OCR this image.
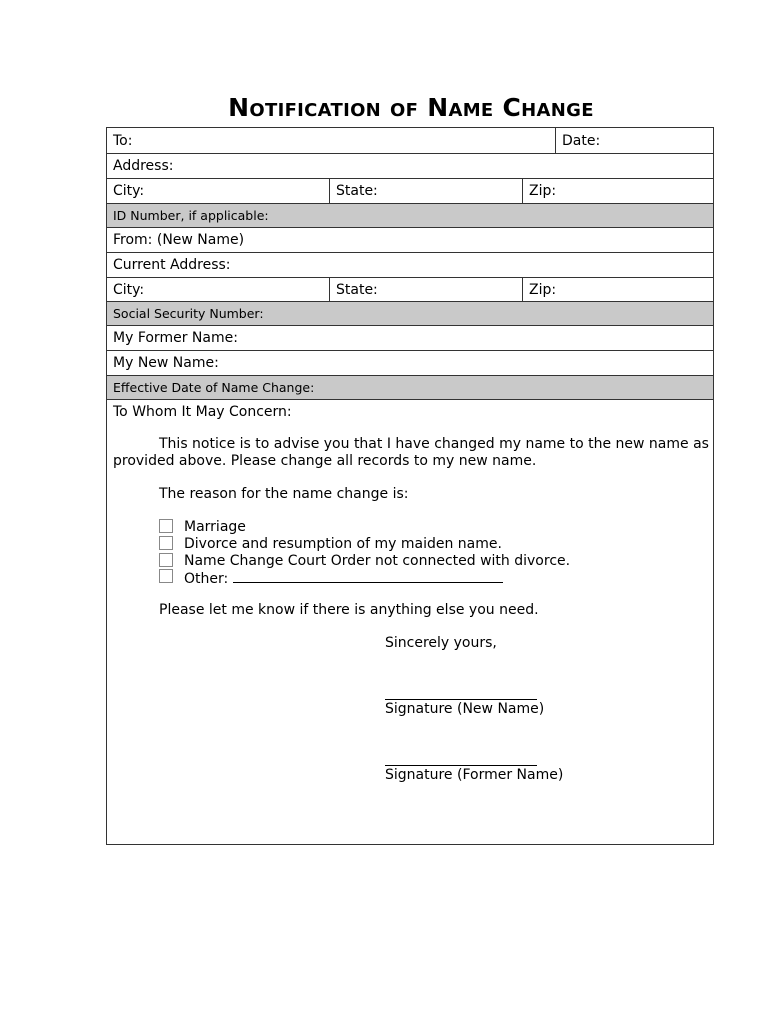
Notification of Name Change
To:	Date:
Address:
City:	State:	Zip:
ID Number, if applicable:
From: (New Name)
Current Address:
City:	State:	Zip:
Social Security Number:
My Former Name:
My New Name:
Effective Date of Name Change:
To Whom It May Concern:
This notice is to advise you that I have changed my name to the new name as provided above. Please change all records to my new name.
The reason for the name change is:
Marriage
Divorce and resumption of my maiden name.
Name Change Court Order not connected with divorce.
Other:
Please let me know if there is anything else you need.
Sincerely yours,
Signature (New Name)
Signature (Former Name)
